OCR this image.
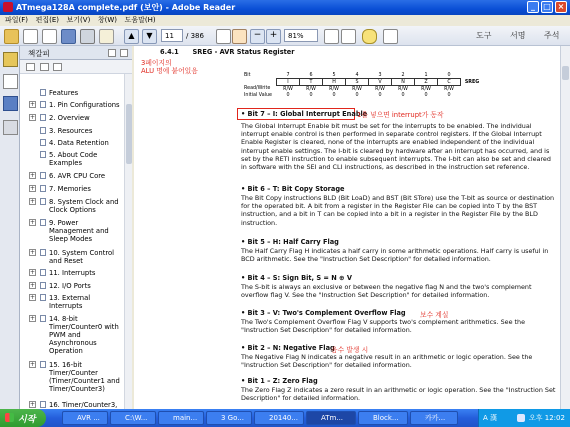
ATmega128A complete.pdf (보안) - Adobe Reader	_	□ ×
파일(F) 편집(E) 보기(V) 창(W) 도움말(H)
▲	▼	11	/ 386	− +	81%	도구 서명 주석
책갈피
Features
+ 1. Pin Configurations
+ 2. Overview
3. Resources
4. Data Retention
5. About Code Examples
+ 6. AVR CPU Core
+ 7. Memories
+ 8. System Clock and Clock Options
+ 9. Power Management and Sleep Modes
+ 10. System Control and Reset
+ 11. Interrupts
+ 12. I/O Ports
+ 13. External Interrupts
+ 14. 8-bit Timer/Counter0 with PWM and Asynchronous Operation
+ 15. 16-bit Timer/Counter (Timer/Counter1 and Timer/Counter3)
+ 16. Timer/Counter3,
6.4.1      SREG - AVR Status Register
3페이지의
ALU 명에 붙어있음
Bit	7	6	5	4	3	2	1	0	
	I	T	H	S	V	N	Z	C	SREG
Read/Write	R/W	R/W	R/W	R/W	R/W	R/W	R/W	R/W	
Initial Value	0	0	0	0	0	0	0	0	
• Bit 7 – I: Global Interrupt Enable
1을 넣으면 interrupt가 동작
The Global Interrupt Enable bit must be set for the interrupts to be enabled. The individual interrupt enable control is then performed in separate control registers. If the Global Interrupt Enable Register is cleared, none of the interrupts are enabled independent of the individual interrupt enable settings. The I-bit is cleared by hardware after an interrupt has occurred, and is set by the RETI instruction to enable subsequent interrupts. The I-bit can also be set and cleared in software with the SEI and CLI instructions, as described in the instruction set reference.
• Bit 6 – T: Bit Copy Storage
The Bit Copy instructions BLD (Bit LoaD) and BST (Bit STore) use the T-bit as source or destination for the operated bit. A bit from a register in the Register File can be copied into T by the BST instruction, and a bit in T can be copied into a bit in a register in the Register File by the BLD instruction.
• Bit 5 – H: Half Carry Flag
The Half Carry Flag H indicates a half carry in some arithmetic operations. Half carry is useful in BCD arithmetic. See the "Instruction Set Description" for detailed information.
• Bit 4 – S: Sign Bit, S = N ⊕ V
The S-bit is always an exclusive or between the negative flag N and the two's complement overflow flag V. See the "Instruction Set Description" for detailed information.
• Bit 3 – V: Two's Complement Overflow Flag 보수 계실
The Two's Complement Overflow Flag V supports two's complement arithmetics. See the "Instruction Set Description" for detailed information.
• Bit 2 – N: Negative Flag
음수 발생 시
The Negative Flag N indicates a negative result in an arithmetic or logic operation. See the "Instruction Set Description" for detailed information.
• Bit 1 – Z: Zero Flag
The Zero Flag Z indicates a zero result in an arithmetic or logic operation. See the "Instruction Set Description" for detailed information.
시작	AVR ...	C:\W...	main...	3 Go...	20140...	ATm...	Block...	카카...	A 漢	오후 12:02
